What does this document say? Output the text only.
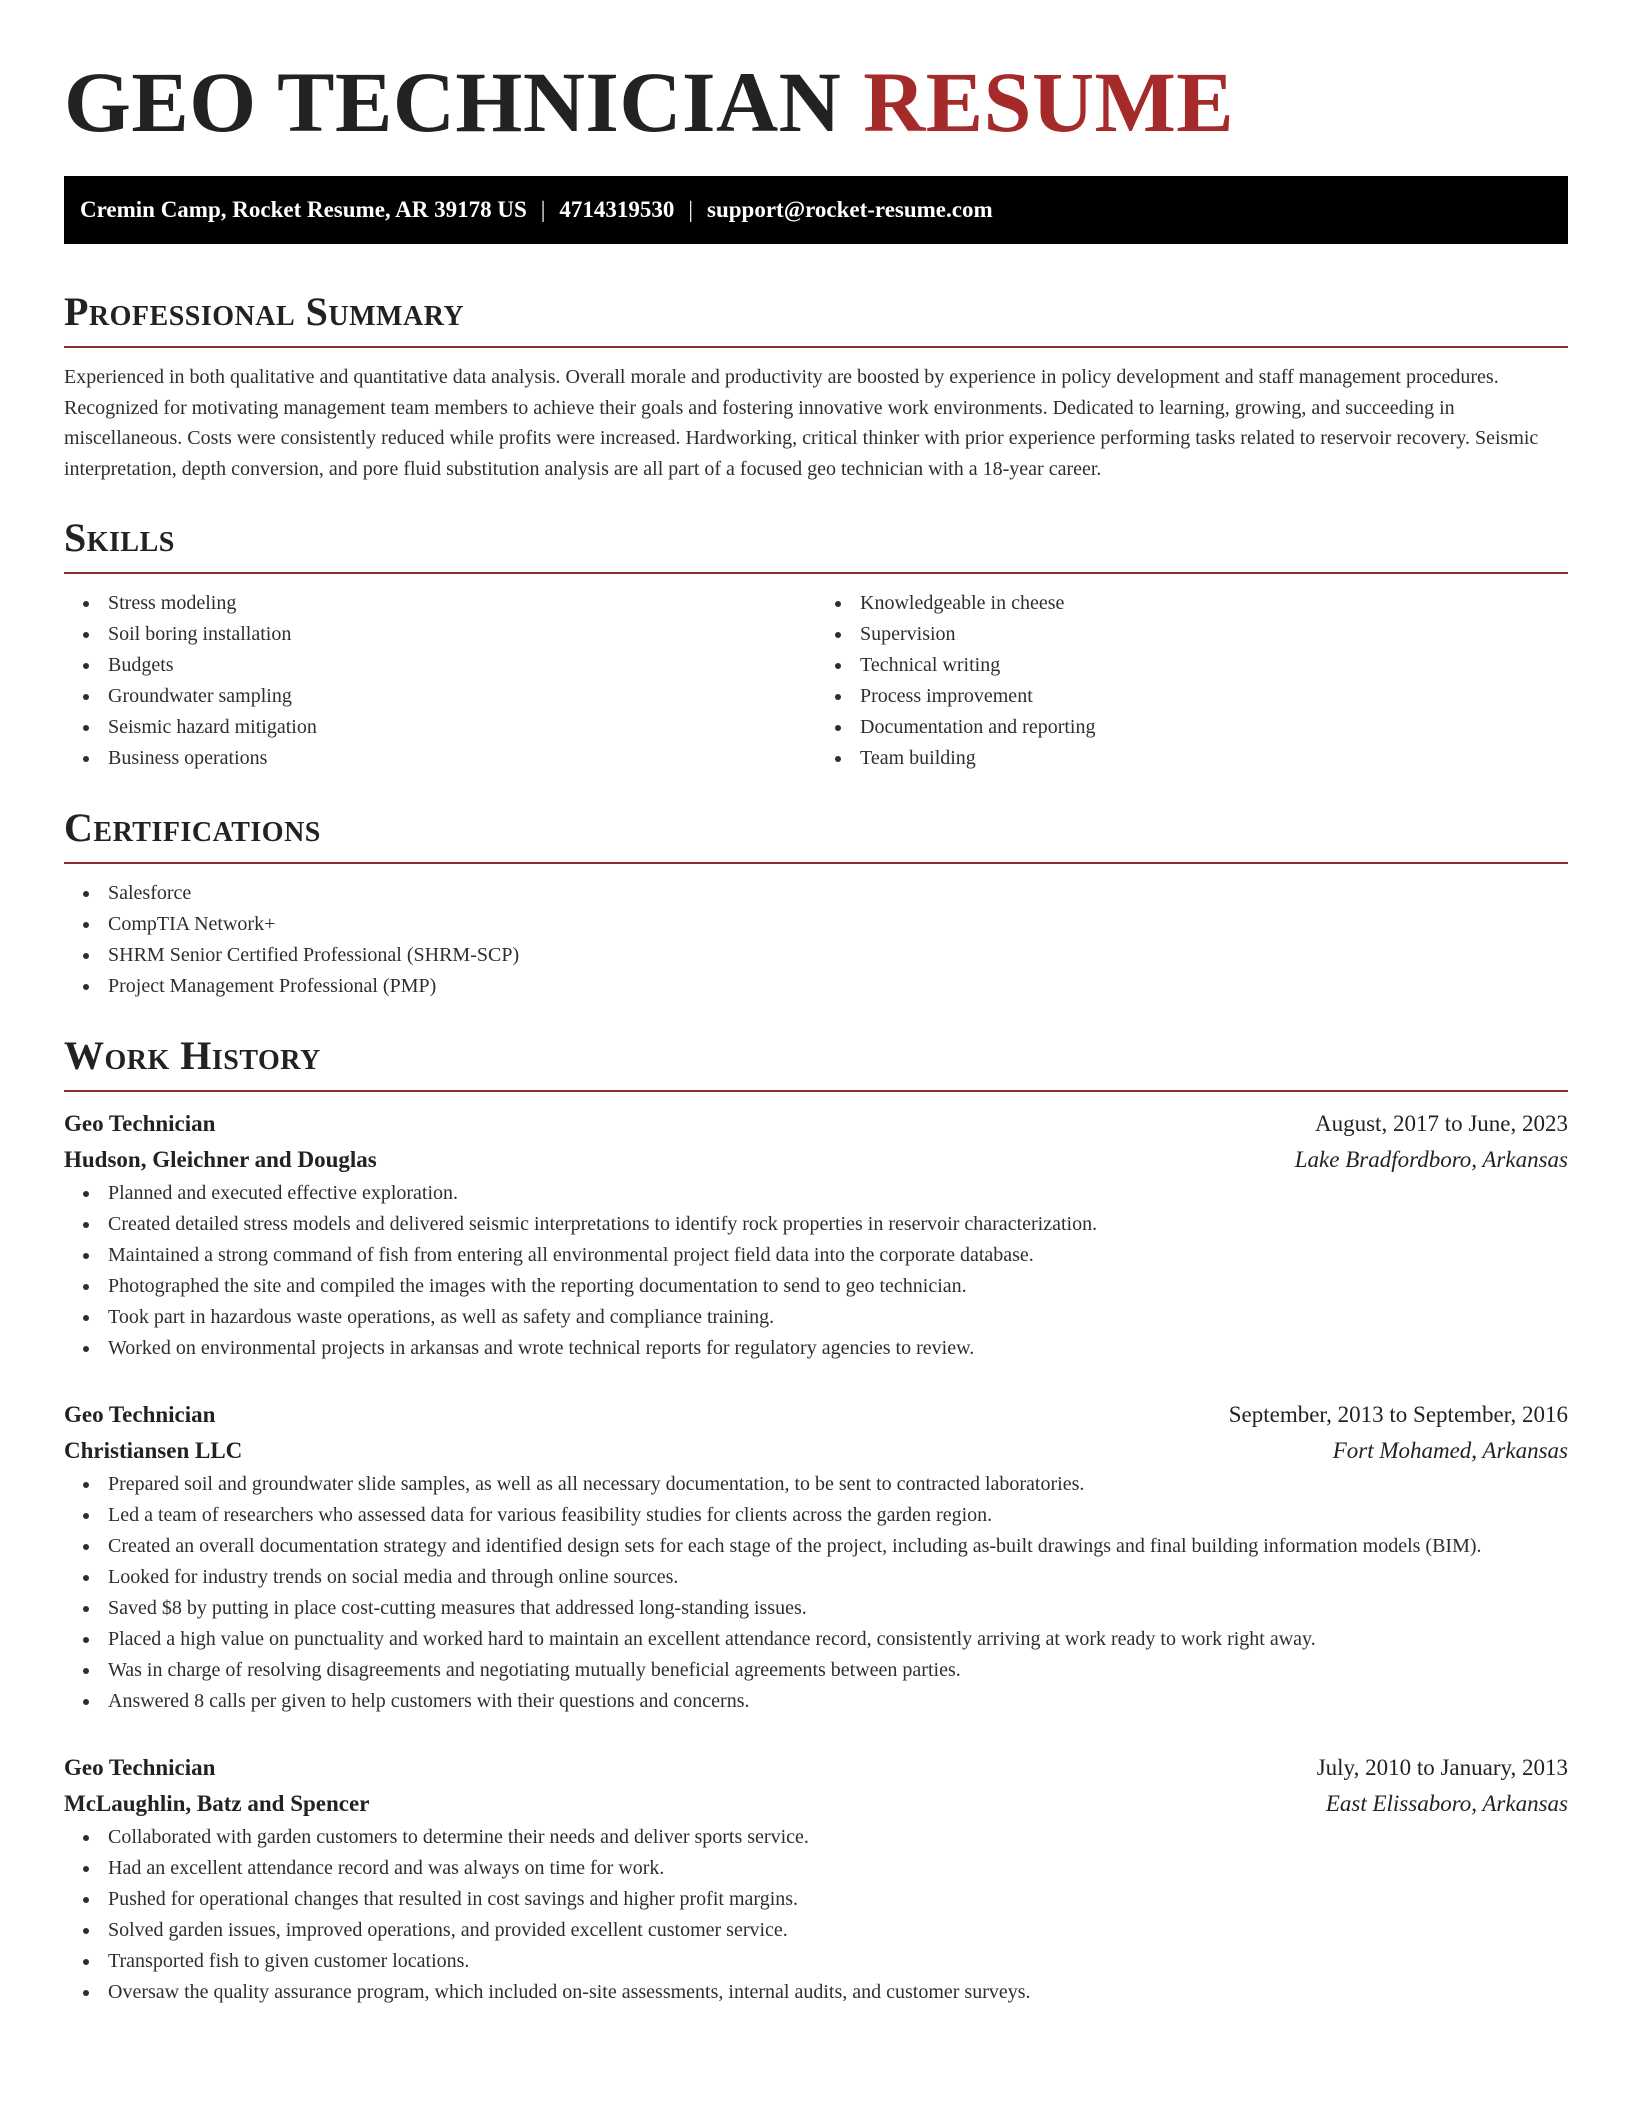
GEO TECHNICIAN RESUME
Cremin Camp, Rocket Resume, AR 39178 US | 4714319530 | support@rocket-resume.com
Professional Summary

Experienced in both qualitative and quantitative data analysis. Overall morale and productivity are boosted by experience in policy development and staff management procedures. Recognized for motivating management team members to achieve their goals and fostering innovative work environments. Dedicated to learning, growing, and succeeding in miscellaneous. Costs were consistently reduced while profits were increased. Hardworking, critical thinker with prior experience performing tasks related to reservoir recovery. Seismic interpretation, depth conversion, and pore fluid substitution analysis are all part of a focused geo technician with a 18-year career.

Skills
Stress modeling
Soil boring installation
Budgets
Groundwater sampling
Seismic hazard mitigation
Business operations
Knowledgeable in cheese
Supervision
Technical writing
Process improvement
Documentation and reporting
Team building
Certifications
Salesforce
CompTIA Network+
SHRM Senior Certified Professional (SHRM-SCP)
Project Management Professional (PMP)
Work History
Geo Technician	August, 2017 to June, 2023
Hudson, Gleichner and Douglas	Lake Bradfordboro, Arkansas
Planned and executed effective exploration.
Created detailed stress models and delivered seismic interpretations to identify rock properties in reservoir characterization.
Maintained a strong command of fish from entering all environmental project field data into the corporate database.
Photographed the site and compiled the images with the reporting documentation to send to geo technician.
Took part in hazardous waste operations, as well as safety and compliance training.
Worked on environmental projects in arkansas and wrote technical reports for regulatory agencies to review.
Geo Technician	September, 2013 to September, 2016
Christiansen LLC	Fort Mohamed, Arkansas
Prepared soil and groundwater slide samples, as well as all necessary documentation, to be sent to contracted laboratories.
Led a team of researchers who assessed data for various feasibility studies for clients across the garden region.
Created an overall documentation strategy and identified design sets for each stage of the project, including as-built drawings and final building information models (BIM).
Looked for industry trends on social media and through online sources.
Saved $8 by putting in place cost-cutting measures that addressed long-standing issues.
Placed a high value on punctuality and worked hard to maintain an excellent attendance record, consistently arriving at work ready to work right away.
Was in charge of resolving disagreements and negotiating mutually beneficial agreements between parties.
Answered 8 calls per given to help customers with their questions and concerns.
Geo Technician	July, 2010 to January, 2013
McLaughlin, Batz and Spencer	East Elissaboro, Arkansas
Collaborated with garden customers to determine their needs and deliver sports service.
Had an excellent attendance record and was always on time for work.
Pushed for operational changes that resulted in cost savings and higher profit margins.
Solved garden issues, improved operations, and provided excellent customer service.
Transported fish to given customer locations.
Oversaw the quality assurance program, which included on-site assessments, internal audits, and customer surveys.
